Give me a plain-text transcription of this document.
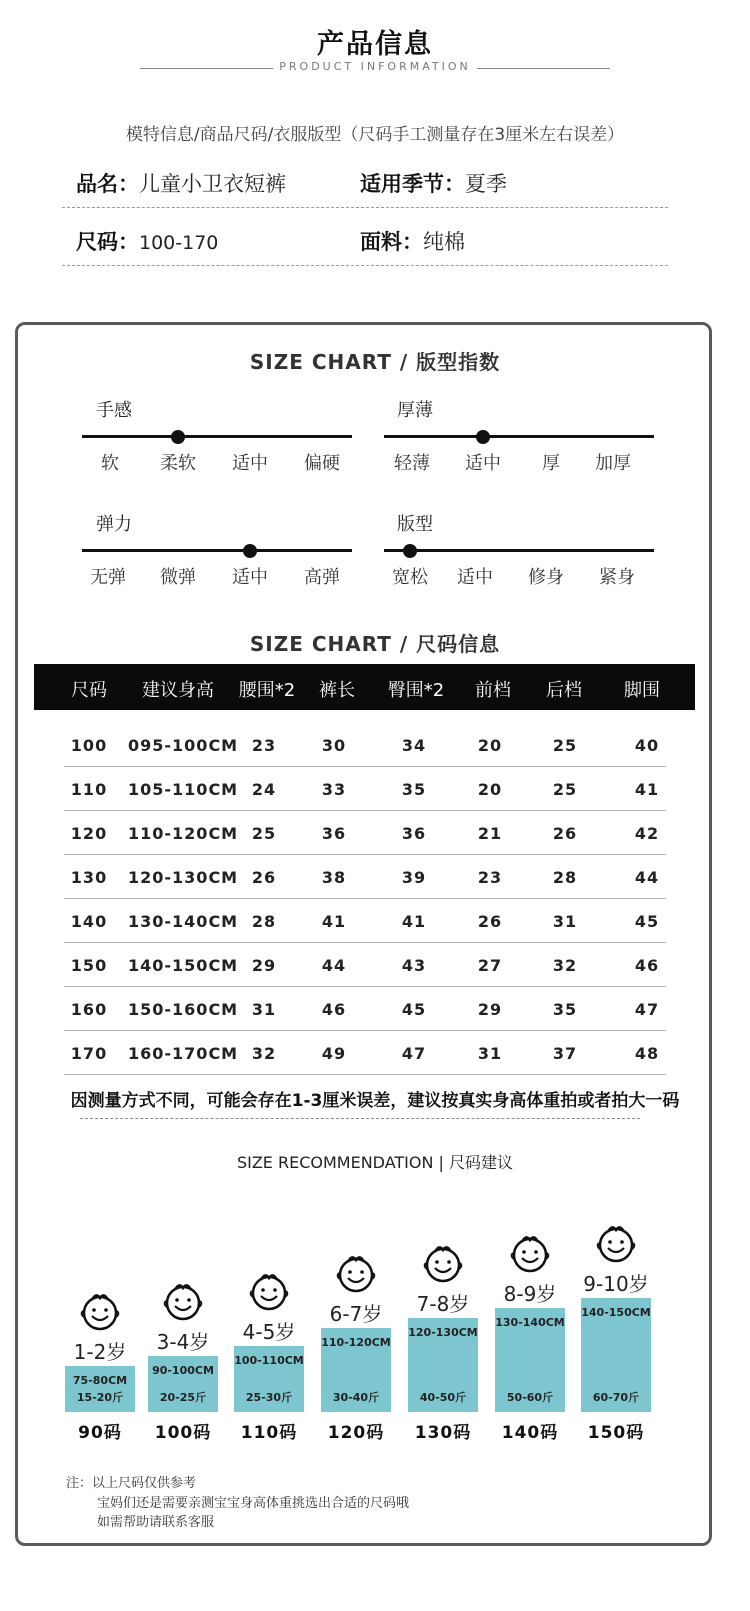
产品信息
PRODUCT INFORMATION
模特信息/商品尺码/衣服版型（尺码手工测量存在3厘米左右误差）
品名：儿童小卫衣短裤	适用季节：夏季
尺码：100-170	面料：纯棉
SIZE CHART / 版型指数
手感
软	柔软	适中	偏硬
厚薄
轻薄	适中	厚	加厚
弹力
无弹	微弹	适中	高弹
版型
宽松	适中	修身	紧身
SIZE CHART / 尺码信息
尺码	建议身高	腰围*2	裤长	臀围*2	前档	后档	脚围
100	095-100CM 23	30	34	20	25	40
110	105-110CM 24	33	35	20	25	41
120	110-120CM 25	36	36	21	26	42
130	120-130CM 26	38	39	23	28	44
140	130-140CM 28	41	41	26	31	45
150	140-150CM 29	44	43	27	32	46
160	150-160CM 31	46	45	29	35	47
170	160-170CM 32	49	47	31	37	48
因测量方式不同，可能会存在1-3厘米误差，建议按真实身高体重拍或者拍大一码
SIZE RECOMMENDATION | 尺码建议
75-80CM
15-20斤
1-2岁
90码
90-100CM
20-25斤
3-4岁
100码
100-110CM
25-30斤
4-5岁
110码
110-120CM
30-40斤
6-7岁
120码
120-130CM
40-50斤
7-8岁
130码
130-140CM
50-60斤
8-9岁
140码
140-150CM
60-70斤
9-10岁
150码
注：以上尺码仅供参考
宝妈们还是需要亲测宝宝身高体重挑选出合适的尺码哦
如需帮助请联系客服
